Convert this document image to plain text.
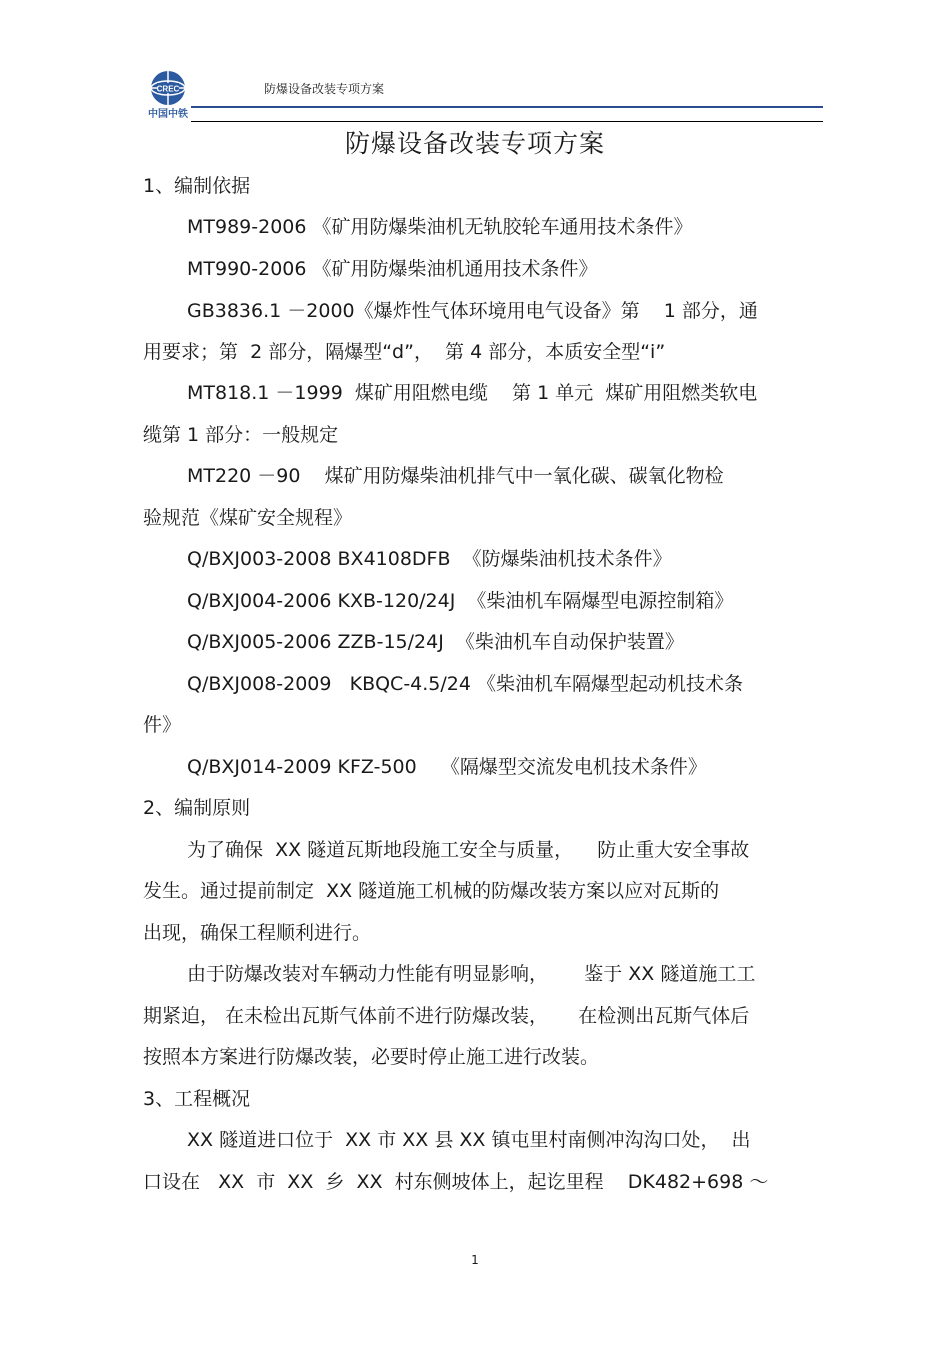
CREC
中国中铁
防爆设备改装专项方案
防爆设备改装专项方案
1、编制依据
MT989-2006 《矿用防爆柴油机无轨胶轮车通用技术条件》
MT990-2006 《矿用防爆柴油机通用技术条件》
GB3836.1 －2000《爆炸性气体环境用电气设备》第    1 部分，通
用要求；第  2 部分，隔爆型“d”，  第 4 部分，本质安全型“i”
MT818.1 －1999  煤矿用阻燃电缆    第 1 单元  煤矿用阻燃类软电
缆第 1 部分：一般规定
MT220 －90    煤矿用防爆柴油机排气中一氧化碳、碳氧化物检
验规范《煤矿安全规程》
Q/BXJ003-2008 BX4108DFB  《防爆柴油机技术条件》
Q/BXJ004-2006 KXB-120/24J  《柴油机车隔爆型电源控制箱》
Q/BXJ005-2006 ZZB-15/24J  《柴油机车自动保护装置》
Q/BXJ008-2009   KBQC-4.5/24 《柴油机车隔爆型起动机技术条
件》
Q/BXJ014-2009 KFZ-500    《隔爆型交流发电机技术条件》
2、编制原则
为了确保  XX 隧道瓦斯地段施工安全与质量，    防止重大安全事故
发生。通过提前制定  XX 隧道施工机械的防爆改装方案以应对瓦斯的
出现，确保工程顺利进行。
由于防爆改装对车辆动力性能有明显影响，      鉴于 XX 隧道施工工
期紧迫， 在未检出瓦斯气体前不进行防爆改装，     在检测出瓦斯气体后
按照本方案进行防爆改装，必要时停止施工进行改装。
3、工程概况
XX 隧道进口位于  XX 市 XX 县 XX 镇屯里村南侧冲沟沟口处，  出
口设在   XX  市  XX  乡  XX  村东侧坡体上，起讫里程    DK482+698 ～
1
